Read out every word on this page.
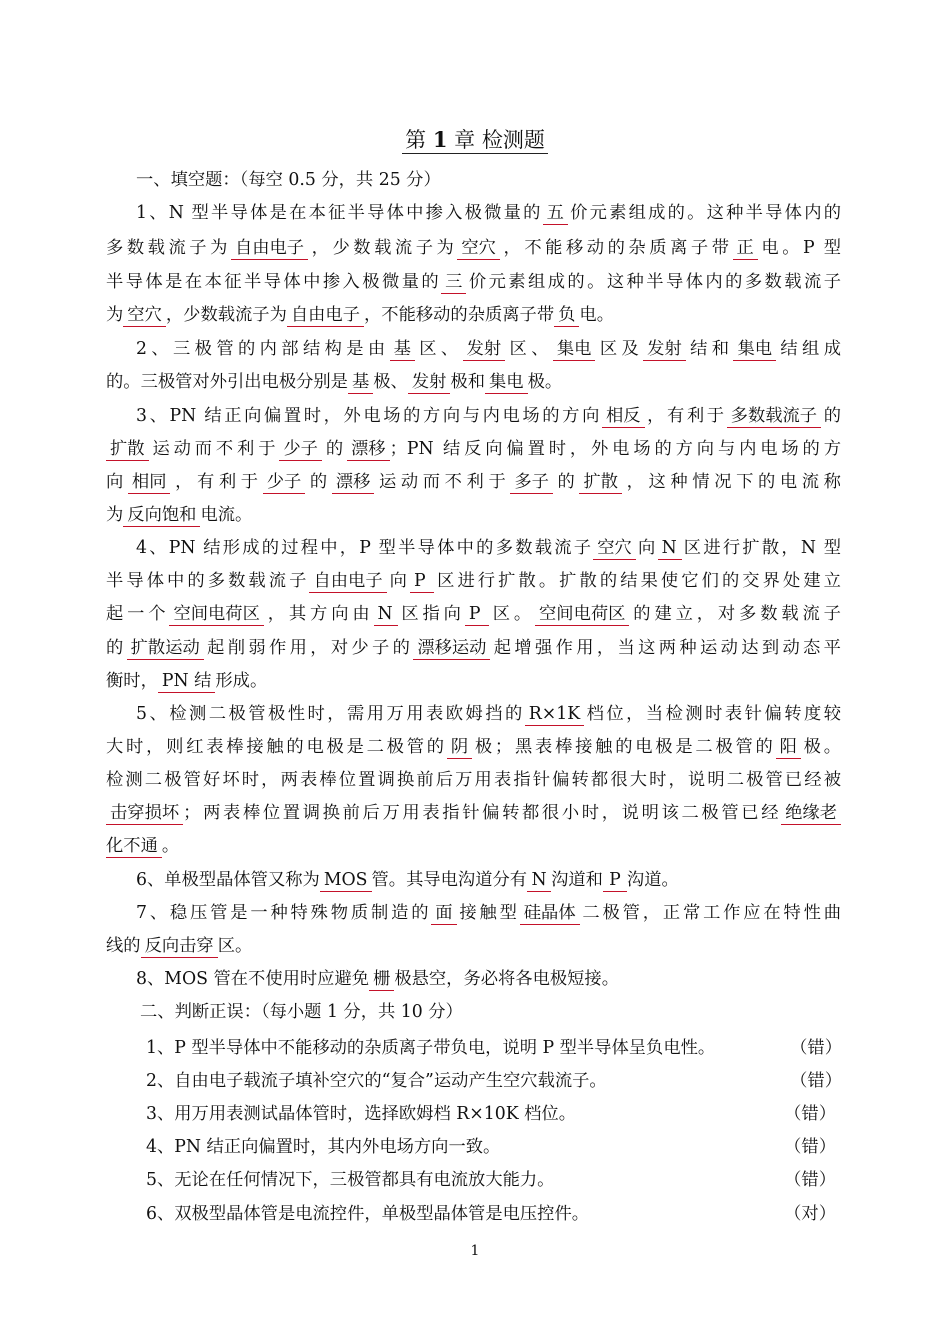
第 1 章 检测题
一、填空题：（每空 0.5 分，共 25 分）
1、N 型半导体是在本征半导体中掺入极微量的 五 价元素组成的。这种半导体内的
多数载流子为 自由电子 ，少数载流子为 空穴 ，不能移动的杂质离子带 正 电。P 型
半导体是在本征半导体中掺入极微量的 三 价元素组成的。这种半导体内的多数载流子
为 空穴 ，少数载流子为 自由电子 ，不能移动的杂质离子带 负 电。
2、三极管的内部结构是由 基 区、 发射 区、 集电 区及 发射 结和 集电 结组成
的。三极管对外引出电极分别是 基 极、 发射 极和 集电 极。
3、PN 结正向偏置时，外电场的方向与内电场的方向 相反 ，有利于 多数载流子 的
扩散 运动而不利于 少子 的 漂移 ；PN 结反向偏置时，外电场的方向与内电场的方
向 相同 ，有利于 少子 的 漂移 运动而不利于 多子 的 扩散 ，这种情况下的电流称
为 反向饱和 电流。
4、PN 结形成的过程中，P 型半导体中的多数载流子 空穴 向 N 区进行扩散，N 型
半导体中的多数载流子 自由电子 向 P 区进行扩散。扩散的结果使它们的交界处建立
起一个 空间电荷区 ，其方向由 N 区指向 P 区。 空间电荷区 的建立，对多数载流子
的 扩散运动 起削弱作用，对少子的 漂移运动 起增强作用，当这两种运动达到动态平
衡时， PN 结 形成。
5、检测二极管极性时，需用万用表欧姆挡的 R×1K 档位，当检测时表针偏转度较
大时，则红表棒接触的电极是二极管的 阴 极；黑表棒接触的电极是二极管的 阳 极。
检测二极管好坏时，两表棒位置调换前后万用表指针偏转都很大时，说明二极管已经被
击穿损坏 ；两表棒位置调换前后万用表指针偏转都很小时，说明该二极管已经 绝缘老
化不通 。
6、单极型晶体管又称为 MOS 管。其导电沟道分有 N 沟道和 P 沟道。
7、稳压管是一种特殊物质制造的 面 接触型 硅晶体 二极管，正常工作应在特性曲
线的 反向击穿 区。
8、MOS 管在不使用时应避免 栅 极悬空，务必将各电极短接。
二、判断正误：（每小题 1 分，共 10 分）
1、P 型半导体中不能移动的杂质离子带负电，说明 P 型半导体呈负电性。	（错）
2、自由电子载流子填补空穴的“复合”运动产生空穴载流子。	（错）
3、用万用表测试晶体管时，选择欧姆档 R×10K 档位。	（错）
4、PN 结正向偏置时，其内外电场方向一致。	（错）
5、无论在任何情况下，三极管都具有电流放大能力。	（错）
6、双极型晶体管是电流控件，单极型晶体管是电压控件。	（对）
1
